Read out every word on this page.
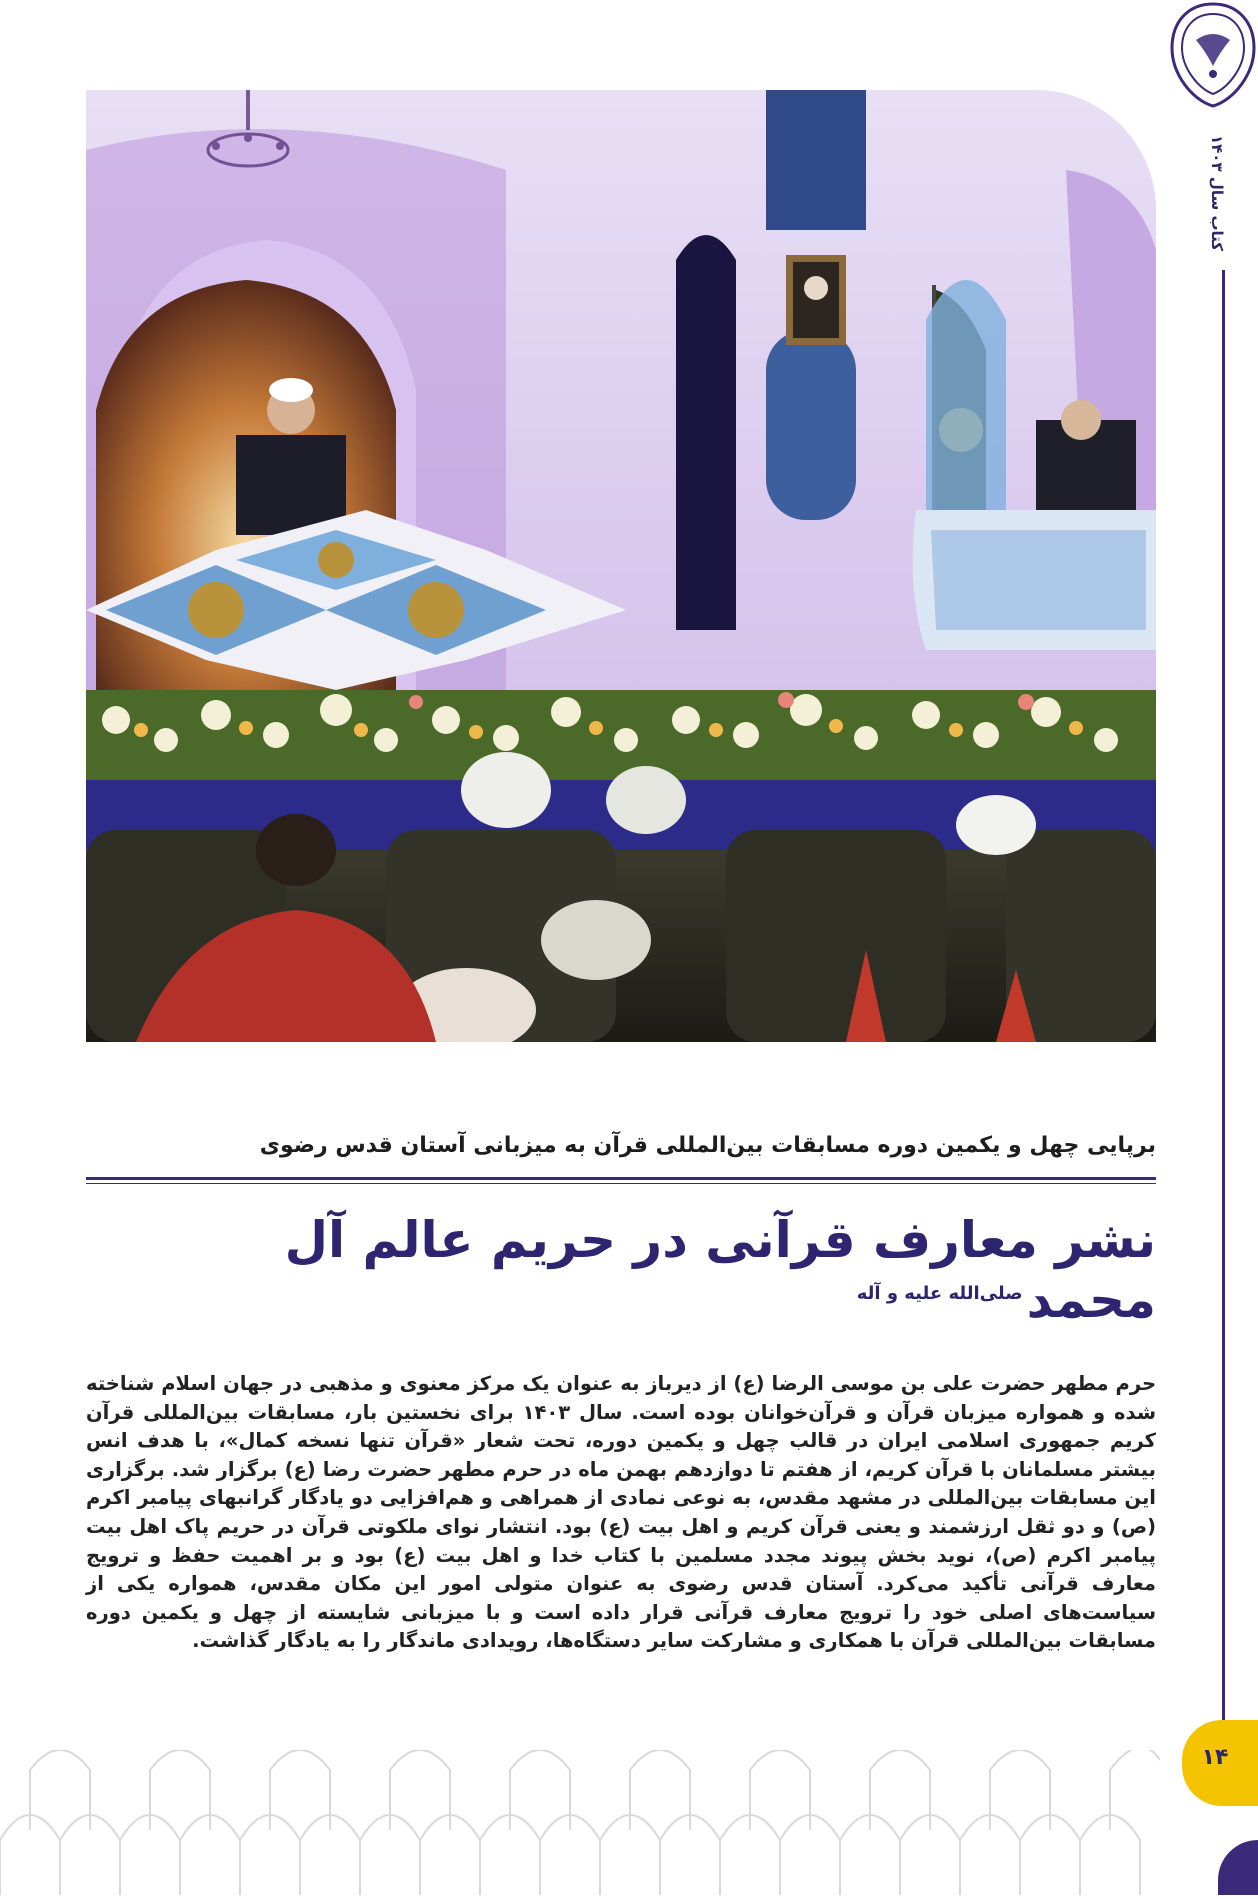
کتاب سال ۱۴۰۳
برپایی چهل و یکمین دوره مسابقات بین‌المللی قرآن به میزبانی آستان قدس رضوی
نشر معارف قرآنی در حریم عالم آل محمد$^{صلی‌الله علیه و آله}$
حرم مطهر حضرت علی بن موسی الرضا (ع) از دیرباز به عنوان یک مرکز معنوی و مذهبی در جهان اسلام شناخته شده و همواره میزبان قرآن و قرآن‌خوانان بوده است. سال ۱۴۰۳ برای نخستین بار، مسابقات بین‌المللی قرآن کریم جمهوری اسلامی ایران در قالب چهل و یکمین دوره، تحت شعار «قرآن تنها نسخه کمال»، با هدف انس بیشتر مسلمانان با قرآن کریم، از هفتم تا دوازدهم بهمن ماه در حرم مطهر حضرت رضا (ع) برگزار شد. برگزاری این مسابقات بین‌المللی در مشهد مقدس، به نوعی نمادی از همراهی و هم‌افزایی دو یادگار گرانبهای پیامبر اکرم (ص) و دو ثقل ارزشمند و یعنی قرآن کریم و اهل بیت (ع) بود. انتشار نوای ملکوتی قرآن در حریم پاک اهل بیت پیامبر اکرم (ص)، نوید بخش پیوند مجدد مسلمین با کتاب خدا و اهل بیت (ع) بود و بر اهمیت حفظ و ترویج معارف قرآنی تأکید می‌کرد. آستان قدس رضوی به عنوان متولی امور این مکان مقدس، همواره یکی از سیاست‌های اصلی خود را ترویج معارف قرآنی قرار داده است و با میزبانی شایسته از چهل و یکمین دوره مسابقات بین‌المللی قرآن با همکاری و مشارکت سایر دستگاه‌ها، رویدادی ماندگار را به یادگار گذاشت.
۱۴
